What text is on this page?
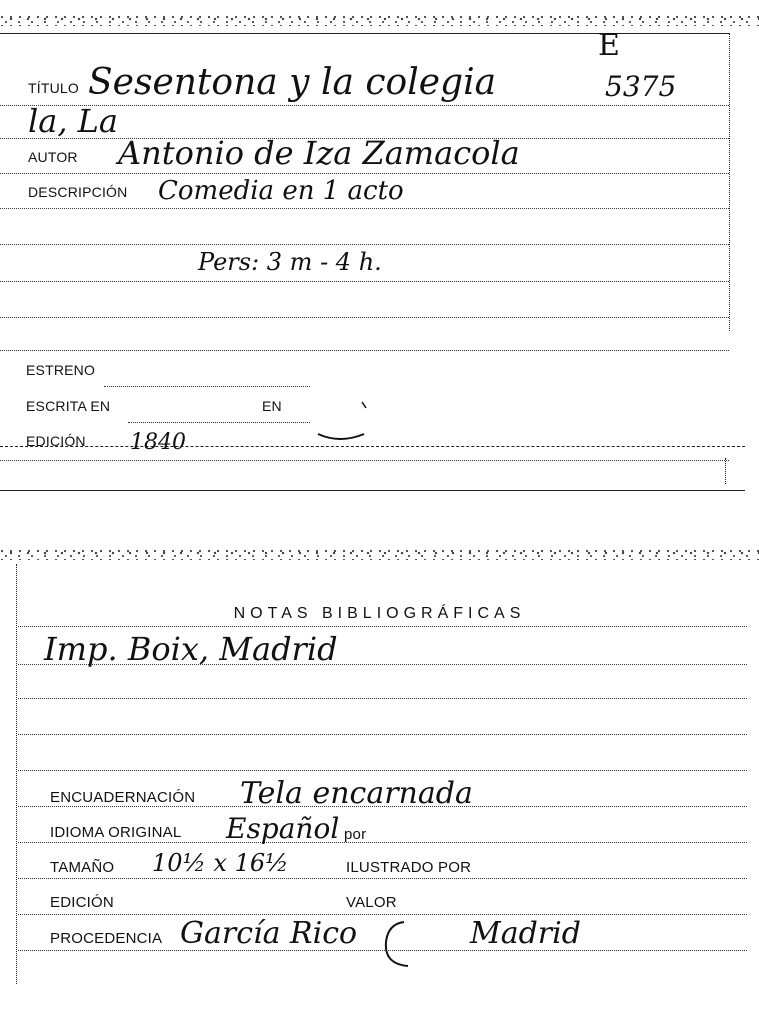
E
TÍTULO Sesentona y la colegia	5375
la, La
AUTOR Antonio de Iza Zamacola
DESCRIPCIÓN Comedia en 1 acto
Pers: 3 m - 4 h.
ESTRENO
ESCRITA EN	EN
EDICIÓN 1840
NOTAS BIBLIOGRÁFICAS
Imp. Boix, Madrid
ENCUADERNACIÓN Tela encarnada
IDIOMA ORIGINAL Español por
TAMAÑO 10½ x 16½	ILUSTRADO POR
EDICIÓN	VALOR
PROCEDENCIA García Rico	Madrid
